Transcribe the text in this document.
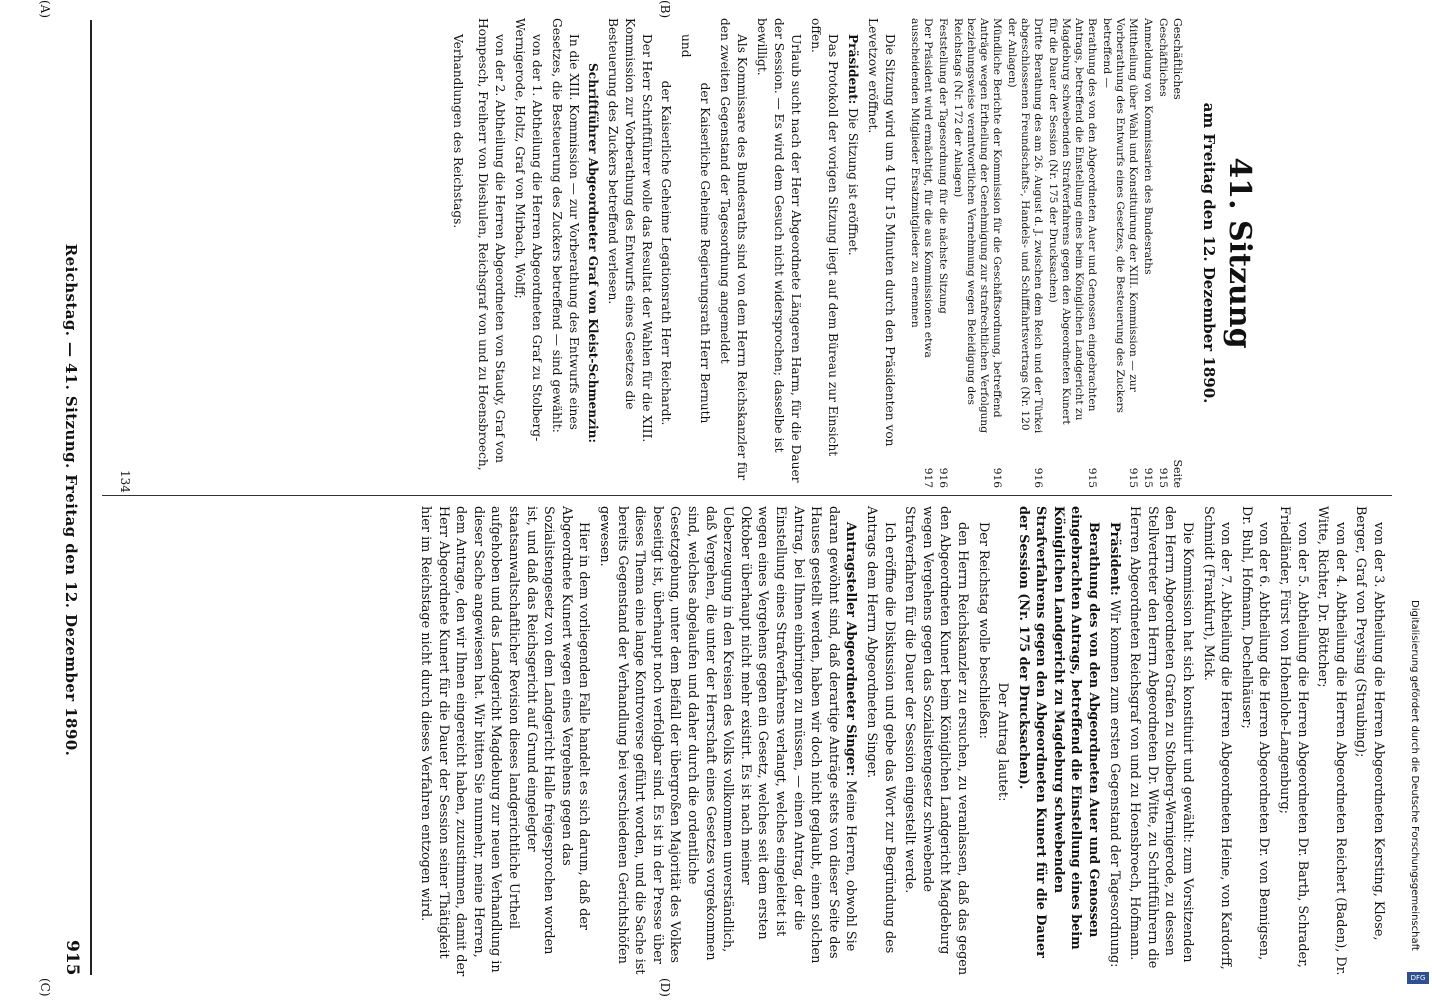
(A)
(C)
Reichstag. — 41. Sitzung. Freitag den 12. Dezember 1890.
915
41. Sitzung
am Freitag den 12. Dezember 1890.
Geschäftliches
Seite
Geschäftliches
915
Anmeldung von Kommissarien des Bundesraths
915
Mittheilung über Wahl und Konstituirung der XIII. Kommission — zur Vorberathung des Entwurfs eines Gesetzes, die Besteuerung des Zuckers betreffend —
915
Berathung des von den Abgeordneten Auer und Genossen eingebrachten Antrags, betreffend die Einstellung eines beim Königlichen Landgericht zu Magdeburg schwebenden Strafverfahrens gegen den Abgeordneten Kunert für die Dauer der Session (Nr. 175 der Drucksachen)
915
Dritte Berathung des am 26. August d. J. zwischen dem Reich und der Türkei abgeschlossenen Freundschafts-, Handels- und Schifffahrtsvertrags (Nr. 120 der Anlagen)
916
Mündliche Berichte der Kommission für die Geschäftsordnung, betreffend Anträge wegen Ertheilung der Genehmigung zur strafrechtlichen Verfolgung beziehungsweise verantwortlichen Vernehmung wegen Beleidigung des Reichstags (Nr. 172 der Anlagen)
916
Feststellung der Tagesordnung für die nächste Sitzung
916
Der Präsident wird ermächtigt, für die aus Kommissionen etwa ausscheidenden Mitglieder Ersatzmitglieder zu ernennen
917

Die Sitzung wird um 4 Uhr 15 Minuten durch den Präsidenten von Levetzow eröffnet.

Präsident: Die Sitzung ist eröffnet.

Das Protokoll der vorigen Sitzung liegt auf dem Büreau zur Einsicht offen.

Urlaub sucht nach der Herr Abgeordnete Längeren Harm, für die Dauer der Session. — Es wird dem Gesuch nicht widersprochen; dasselbe ist bewilligt.

Als Kommissare des Bundesraths sind von dem Herrn Reichskanzler für den zweiten Gegenstand der Tagesordnung angemeldet

der Kaiserliche Geheime Regierungsrath Herr Bernuth

und

der Kaiserliche Geheime Legationsrath Herr Reichardt.

Der Herr Schriftführer wolle das Resultat der Wahlen für die XIII. Kommission zur Vorberathung des Entwurfs eines Gesetzes die Besteuerung des Zuckers betreffend verlesen.

Schriftführer Abgeordneter Graf von Kleist-Schmenzin:

In die XIII. Kommission — zur Vorberathung des Entwurfs eines Gesetzes, die Besteuerung des Zuckers betreffend — sind gewählt:

von der 1. Abtheilung die Herren Abgeordneten Graf zu Stolberg-Wernigerode, Holtz, Graf von Mirbach, Wolff;

von der 2. Abtheilung die Herren Abgeordneten von Staudy, Graf von Hompesch, Freiherr von Dieshulen, Reichsgraf von und zu Hoensbroech,

Verhandlungen des Reichstags.

von der 3. Abtheilung die Herren Abgeordneten Kersting, Klose, Berger, Graf von Preysing (Straubing);

von der 4. Abtheilung die Herren Abgeordneten Reichert (Baden), Dr. Witte, Richter, Dr. Böttcher;

von der 5. Abtheilung die Herren Abgeordneten Dr. Barth, Schrader, Friedländer, Fürst von Hohenlohe-Langenburg;

von der 6. Abtheilung die Herren Abgeordneten Dr. von Bennigsen, Dr. Buhl, Hofmann, Dechelhäuser;

von der 7. Abtheilung die Herren Abgeordneten Heine, von Kardorff, Schmidt (Frankfurt), Mick.

Die Kommission hat sich konstituirt und gewählt: zum Vorsitzenden den Herrn Abgeordneten Grafen zu Stolberg-Wernigerode, zu dessen Stellvertreter den Herrn Abgeordneten Dr. Witte, zu Schriftführern die Herren Abgeordneten Reichsgraf von und zu Hoensbroech, Hofmann.

Präsident: Wir kommen zum ersten Gegenstand der Tagesordnung:

Berathung des von den Abgeordneten Auer und Genossen eingebrachten Antrags, betreffend die Einstellung eines beim Königlichen Landgericht zu Magdeburg schwebenden Strafverfahrens gegen den Abgeordneten Kunert für die Dauer der Session (Nr. 175 der Drucksachen).

Der Antrag lautet:

Der Reichstag wolle beschließen:

den Herrn Reichskanzler zu ersuchen, zu veranlassen, daß das gegen den Abgeordneten Kunert beim Königlichen Landgericht Magdeburg wegen Vergehens gegen das Sozialistengesetz schwebende Strafverfahren für die Dauer der Session eingestellt werde.

Ich eröffne die Diskussion und gebe das Wort zur Begründung des Antrags dem Herrn Abgeordneten Singer.

Antragsteller Abgeordneter Singer: Meine Herren, obwohl Sie daran gewöhnt sind, daß derartige Anträge stets von dieser Seite des Hauses gestellt werden, haben wir doch nicht geglaubt, einen solchen Antrag, bei Ihnen einbringen zu müssen, — einen Antrag, der die Einstellung eines Strafverfahrens verlangt, welches eingeleitet ist wegen eines Vergehens gegen ein Gesetz, welches seit dem ersten Oktober überhaupt nicht mehr existirt. Es ist nach meiner Ueberzeugung in den Kreisen des Volks vollkommen unverständlich, daß Vergehen, die unter der Herrschaft eines Gesetzes vorgekommen sind, welches abgelaufen und daher durch die ordentliche Gesetzgebung, unter dem Beifall der übergroßen Majorität des Volkes beseitigt ist, überhaupt noch verfolgbar sind. Es ist in der Presse über dieses Thema eine lange Kontroverse geführt worden, und die Sache ist bereits Gegenstand der Verhandlung bei verschiedenen Gerichtshöfen gewesen.

Hier in dem vorliegenden Falle handelt es sich darum, daß der Abgeordnete Kunert wegen eines Vergehens gegen das Sozialistengesetz von dem Landgericht Halle freigesprochen worden ist, und daß das Reichsgericht auf Grund eingelegter staatsanwaltschaftlicher Revision dieses landgerichtliche Urtheil aufgehoben und das Landgericht Magdeburg zur neuen Verhandlung in dieser Sache angewiesen hat. Wir bitten Sie nunmehr, meine Herren, dem Antrage, den wir Ihnen eingereicht haben, zuzustimmen, damit der Herr Abgeordnete Kunert für die Dauer der Session seiner Thätigkeit hier im Reichstage nicht durch dieses Verfahren entzogen wird.

(D)
(B)
134
Digitalisierung gefördert durch die Deutsche Forschungsgemeinschaft
DFG
